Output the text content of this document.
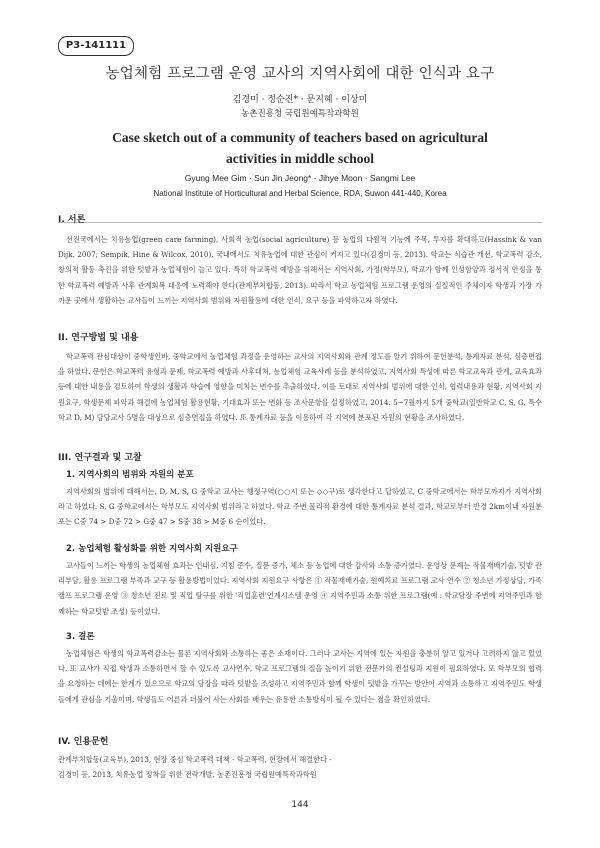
P3-141111
농업체험 프로그램 운영 교사의 지역사회에 대한 인식과 요구
김경미 · 정순진* · 문지혜 · 이상미
농촌진흥청 국립원예특작과학원
Case sketch out of a community of teachers based on agricultural activities in middle school
Gyung Mee Gim · Sun Jin Jeong* · Jihye Moon · Sangmi Lee
National Institute of Horticultural and Herbal Science, RDA, Suwon 441-440, Korea
I. 서론
선진국에서는 치유농업(green care farming), 사회적 농업(social agriculture) 등 농업의 다원적 기능에 주목, 투자를 확대하고(Hassink & van Dijk, 2007; Sempik, Hine & Wilcox, 2010), 국내에서도 치유농업에 대한 관심이 커지고 있다(김경미 등, 2013). 학교는 식습관 개선, 학교폭력 감소, 창의적 활동 촉진을 위한 텃밭과 농업체험이 늘고 있다. 특히 학교폭력 예방을 위해서는 지역사회, 가정(학부모), 학교가 함께 인성함양과 정서적 안정을 통한 학교폭력 예방과 사후 관계회복 대응에 노력해야 한다(관계부처합동, 2013). 따라서 학교 농업체험 프로그램 운영의 실질적인 주체이자 학생과 가장 가까운 곳에서 생활하는 교사들이 느끼는 지역사회 범위와 자원활용에 대한 인식, 요구 등을 파악하고자 하였다.
II. 연구방법 및 내용
학교폭력 관심대상이 중학생인바, 중학교에서 농업체험 과정을 운영하는 교사의 지역사회와 관계 정도를 알기 위하여 문헌분석, 통계자료 분석, 심층면접을 하였다. 문헌은 학교폭력 유형과 문제, 학교폭력 예방과 사후대처, 농업체험 교육사례 등을 분석하였고, 지역사회 특성에 따른 학교교육과 관계, 교육효과 등에 대한 내용을 검토하여 학생의 생활과 학습에 영향을 미치는 변수를 추출하였다. 이를 토대로 지역사회 범위에 대한 인식, 협력내용과 현황, 지역사회 지원요구, 학생문제 파악과 해결에 농업체험 활용현황, 기대효과 또는 변화 등 조사문항을 설정하였고, 2014. 5~7월까지 5개 중학교(일반학교 C, S, G, 특수학교 D, M) 담당교사 5명을 대상으로 심층면접을 하였다. 또 통계자료 등을 이용하여 각 지역에 분포된 자원의 현황을 조사하였다.
III. 연구결과 및 고찰
1. 지역사회의 범위와 자원의 분포
지역사회의 범위에 대해서는, D, M, S, G 중학교 교사는 행정구역(○○시 또는 ◇◇구)로 생각한다고 답하였고, C 중학교에서는 학부모까지가 지역사회라고 하였다. S, G 중학교에서는 학부모도 지역사회 범위라고 하였다. 학교 주변 물리적 환경에 대한 통계자료 분석 결과, 학교로부터 반경 2km이내 자원분포는 C중 74 > D중 72 > G중 47 > S중 38 > M중 6 순이었다.
2. 농업체험 활성화를 위한 지역사회 지원요구
교사들이 느끼는 학생의 농업체험 효과는 인내심, 지침 준수, 질문 증가, 체소 등 농업에 대한 감사와 소통 증가였다. 운영상 문제는 작물재배기술, 텃밭 관리부담, 활용 프로그램 부족과 교구 등 활용방법이었다. 지역사회 지원요구 사항은 ① 작물재배기술, 원예치료 프로그램 교사 연수 ② 청소년 가정상담, 가족캠프 프로그램 운영 ③ 청소년 진로 및 직업 탐구를 위한 '직업훈련'연계시스템 운영 ④ 지역주민과 소통 위한 프로그램(예 : 학교담장 주변에 지역주민과 함께하는 학교텃밭 조성) 등이었다.
3. 결론
농업체험은 학생의 학교폭력감소는 물론 지역사회와 소통하는 좋은 소재이다. 그러나 교사는 지역에 있는 자원을 충분히 알고 있거나 고려하지 않고 있었다. 또 교사가 직접 학생과 소통하면서 할 수 있도록 교사연수, 학교 프로그램의 질을 높이기 위한 전문가의 컨설팅과 지원이 필요하였다. 또 학부모의 협력을 요청하는 데에는 한계가 있으므로 학교의 담장을 따라 텃밭을 조성하고 지역주민과 함께 학생이 텃밭을 가꾸는 방안이 지역과 소통하고 지역주민도 학생들에게 관심을 기울이며, 학생들도 어른과 더불어 사는 사회를 배우는 유용한 소통방식이 될 수 있다는 점을 확인하였다.
IV. 인용문헌
관계부처합동(교육부), 2013, 현장 중심 학교폭력 대책 - 학교폭력, 현장에서 해결한다 -
김경미 등, 2013, 치유농업 정착을 위한 전략개발, 농촌진흥청 국립원예특작과학원
144
